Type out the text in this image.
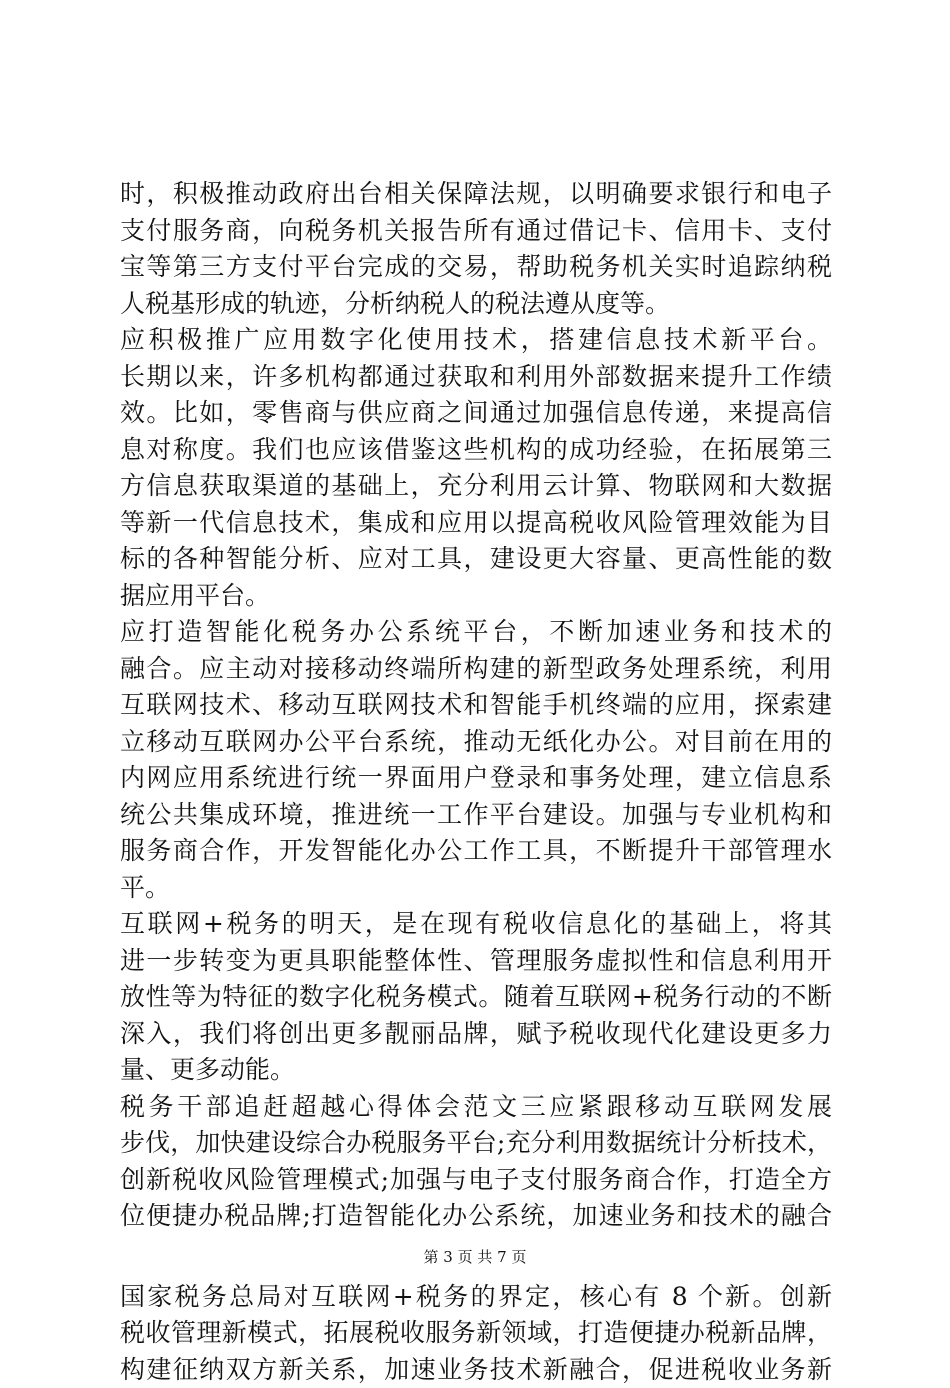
时，积极推动政府出台相关保障法规，以明确要求银行和电子
支付服务商，向税务机关报告所有通过借记卡、信用卡、支付
宝等第三方支付平台完成的交易，帮助税务机关实时追踪纳税
人税基形成的轨迹，分析纳税人的税法遵从度等。
应积极推广应用数字化使用技术，搭建信息技术新平台。
长期以来，许多机构都通过获取和利用外部数据来提升工作绩
效。比如，零售商与供应商之间通过加强信息传递，来提高信
息对称度。我们也应该借鉴这些机构的成功经验，在拓展第三
方信息获取渠道的基础上，充分利用云计算、物联网和大数据
等新一代信息技术，集成和应用以提高税收风险管理效能为目
标的各种智能分析、应对工具，建设更大容量、更高性能的数
据应用平台。
应打造智能化税务办公系统平台，不断加速业务和技术的
融合。应主动对接移动终端所构建的新型政务处理系统，利用
互联网技术、移动互联网技术和智能手机终端的应用，探索建
立移动互联网办公平台系统，推动无纸化办公。对目前在用的
内网应用系统进行统一界面用户登录和事务处理，建立信息系
统公共集成环境，推进统一工作平台建设。加强与专业机构和
服务商合作，开发智能化办公工作工具，不断提升干部管理水
平。
互联网+税务的明天，是在现有税收信息化的基础上，将其
进一步转变为更具职能整体性、管理服务虚拟性和信息利用开
放性等为特征的数字化税务模式。随着互联网+税务行动的不断
深入，我们将创出更多靓丽品牌，赋予税收现代化建设更多力
量、更多动能。
税务干部追赶超越心得体会范文三应紧跟移动互联网发展
步伐，加快建设综合办税服务平台;充分利用数据统计分析技术，
创新税收风险管理模式;加强与电子支付服务商合作，打造全方
位便捷办税品牌;打造智能化办公系统，加速业务和技术的融合
国家税务总局对互联网+税务的界定，核心有 8 个新。创新
税收管理新模式，拓展税收服务新领域，打造便捷办税新品牌，
构建征纳双方新关系，加速业务技术新融合，促进税收业务新
第 3 页 共 7 页
